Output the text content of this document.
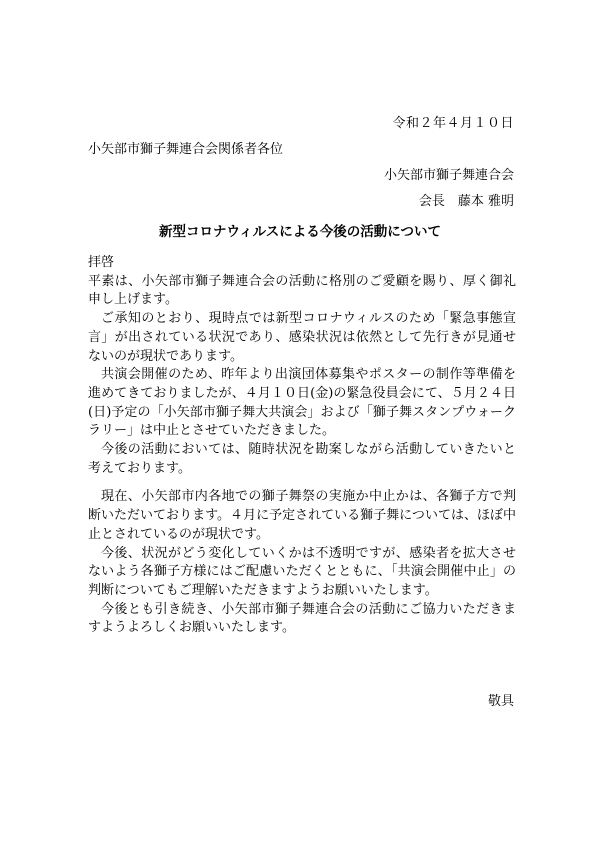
令和２年４月１０日
小矢部市獅子舞連合会関係者各位
小矢部市獅子舞連合会
会長　藤本 雅明
新型コロナウィルスによる今後の活動について

拝啓

平素は、小矢部市獅子舞連合会の活動に格別のご愛顧を賜り、厚く御礼申し上げます。

ご承知のとおり、現時点では新型コロナウィルスのため「緊急事態宣言」が出されている状況であり、感染状況は依然として先行きが見通せないのが現状であります。

共演会開催のため、昨年より出演団体募集やポスターの制作等準備を進めてきておりましたが、４月１０日(金)の緊急役員会にて、５月２４日(日)予定の「小矢部市獅子舞大共演会」および「獅子舞スタンプウォークラリー」は中止とさせていただきました。

今後の活動においては、随時状況を勘案しながら活動していきたいと考えております。

現在、小矢部市内各地での獅子舞祭の実施か中止かは、各獅子方で判断いただいております。４月に予定されている獅子舞については、ほぼ中止とされているのが現状です。

今後、状況がどう変化していくかは不透明ですが、感染者を拡大させないよう各獅子方様にはご配慮いただくとともに、「共演会開催中止」の判断についてもご理解いただきますようお願いいたします。

今後とも引き続き、小矢部市獅子舞連合会の活動にご協力いただきますようよろしくお願いいたします。

敬具
